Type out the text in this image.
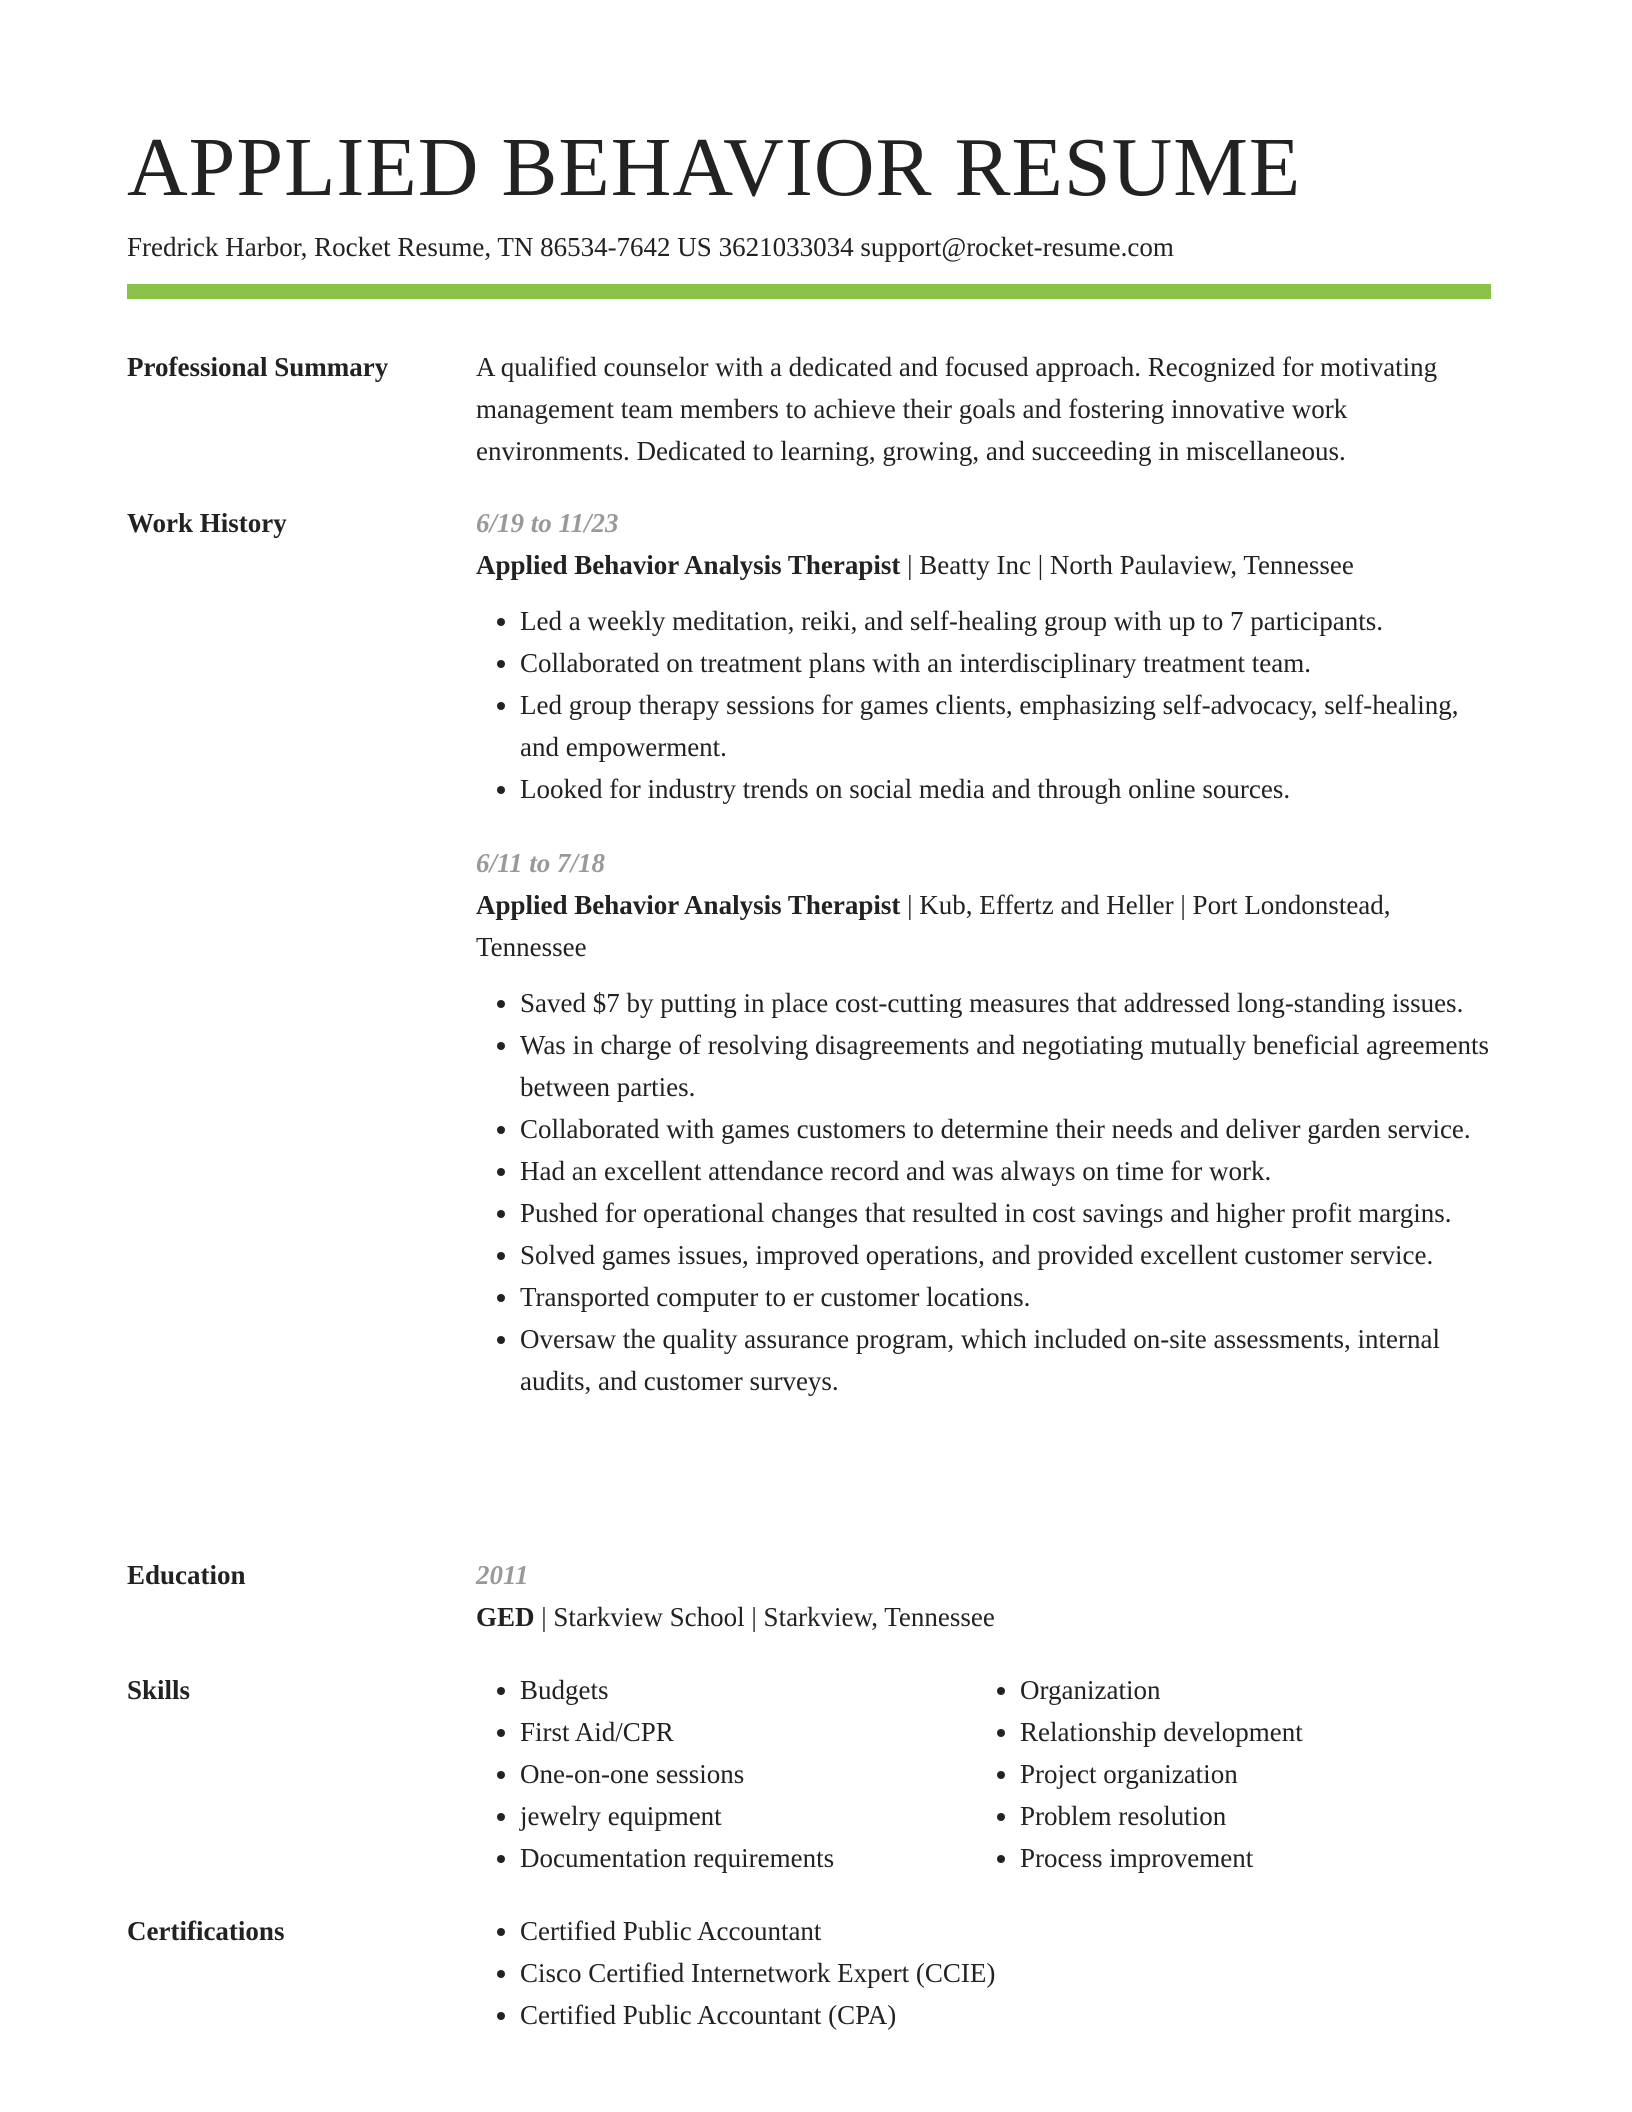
APPLIED BEHAVIOR RESUME
Fredrick Harbor, Rocket Resume, TN 86534-7642 US 3621033034 support@rocket-resume.com
Professional Summary	A qualified counselor with a dedicated and focused approach. Recognized for motivating management team members to achieve their goals and fostering innovative work environments. Dedicated to learning, growing, and succeeding in miscellaneous.

Work History	6/19 to 11/23

Applied Behavior Analysis Therapist | Beatty Inc | North Paulaview, Tennessee

• Led a weekly meditation, reiki, and self-healing group with up to 7 participants.
• Collaborated on treatment plans with an interdisciplinary treatment team.
• Led group therapy sessions for games clients, emphasizing self-advocacy, self-healing, and empowerment.
• Looked for industry trends on social media and through online sources.
6/11 to 7/18

Applied Behavior Analysis Therapist | Kub, Effertz and Heller | Port Londonstead, Tennessee

• Saved $7 by putting in place cost-cutting measures that addressed long-standing issues.
• Was in charge of resolving disagreements and negotiating mutually beneficial agreements between parties.
• Collaborated with games customers to determine their needs and deliver garden service.
• Had an excellent attendance record and was always on time for work.
• Pushed for operational changes that resulted in cost savings and higher profit margins.
• Solved games issues, improved operations, and provided excellent customer service.
• Transported computer to er customer locations.
• Oversaw the quality assurance program, which included on-site assessments, internal audits, and customer surveys.
Education	2011

GED | Starkview School | Starkview, Tennessee

Skills	• Budgets
• First Aid/CPR
• One-on-one sessions
• jewelry equipment
• Documentation requirements
• Organization
• Relationship development
• Project organization
• Problem resolution
• Process improvement
Certifications	• Certified Public Accountant
• Cisco Certified Internetwork Expert (CCIE)
• Certified Public Accountant (CPA)
